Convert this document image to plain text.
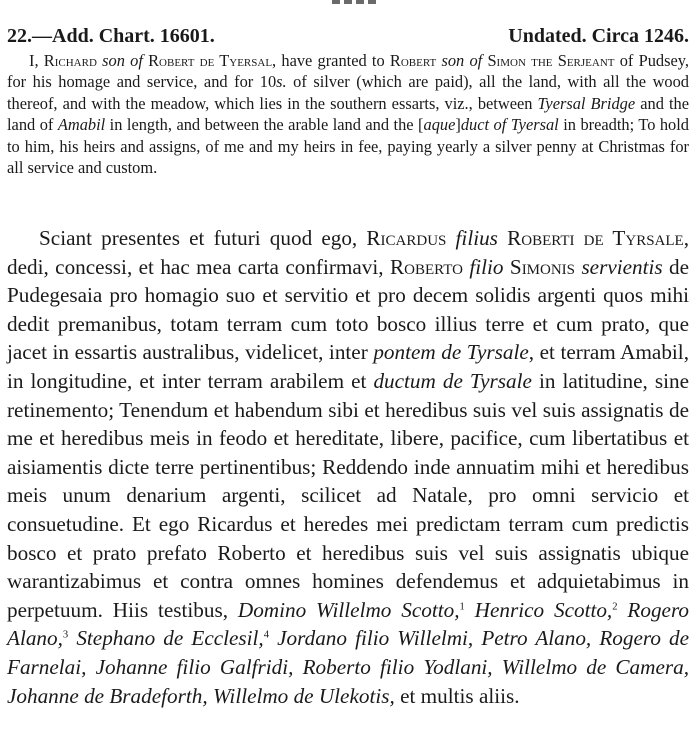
22.—Add. Chart. 16601.	Undated. Circa 1246.
I, Richard son of Robert de Tyersal, have granted to Robert son of Simon the Serjeant of Pudsey, for his homage and service, and for 10s. of silver (which are paid), all the land, with all the wood thereof, and with the meadow, which lies in the southern essarts, viz., between Tyersal Bridge and the land of Amabil in length, and between the arable land and the [aque]duct of Tyersal in breadth; To hold to him, his heirs and assigns, of me and my heirs in fee, paying yearly a silver penny at Christmas for all service and custom.
Sciant presentes et futuri quod ego, Ricardus filius Roberti de Tyrsale, dedi, concessi, et hac mea carta confirmavi, Roberto filio Simonis servientis de Pudegesaia pro homagio suo et servitio et pro decem solidis argenti quos mihi dedit premanibus, totam terram cum toto bosco illius terre et cum prato, que jacet in essartis australibus, videlicet, inter pontem de Tyrsale, et terram Amabil, in longitudine, et inter terram arabilem et ductum de Tyrsale in latitudine, sine retinemento; Tenendum et habendum sibi et heredibus suis vel suis assignatis de me et heredibus meis in feodo et hereditate, libere, pacifice, cum libertatibus et aisiamentis dicte terre pertinentibus; Reddendo inde annuatim mihi et heredibus meis unum denarium argenti, scilicet ad Natale, pro omni servicio et consuetudine. Et ego Ricardus et heredes mei predictam terram cum predictis bosco et prato prefato Roberto et heredibus suis vel suis assignatis ubique warantizabimus et contra omnes homines defendemus et adquietabimus in perpetuum. Hiis testibus, Domino Willelmo Scotto,$^1$ Henrico Scotto,$^2$ Rogero Alano,$^3$ Stephano de Ecclesil,$^4$ Jordano filio Willelmi, Petro Alano, Rogero de Farnelai, Johanne filio Galfridi, Roberto filio Yodlani, Willelmo de Camera, Johanne de Bradeforth, Willelmo de Ulekotis, et multis aliis.
